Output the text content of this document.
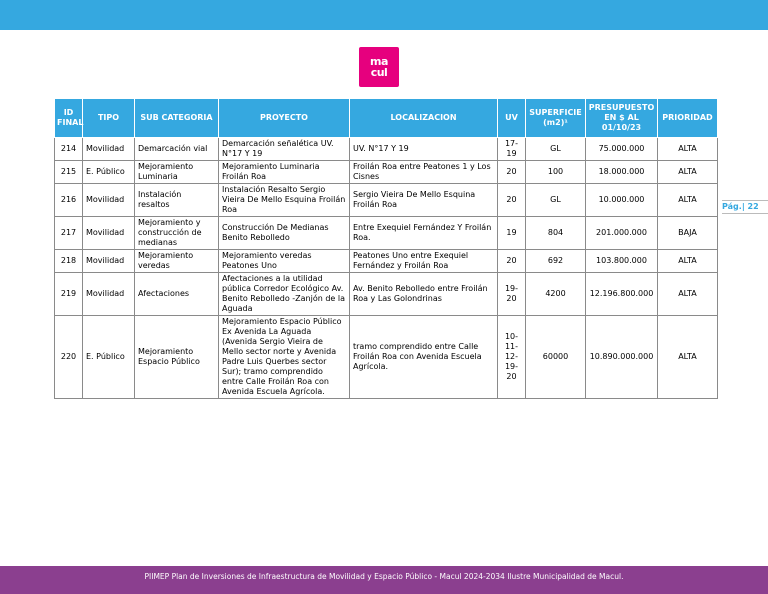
ma
cul
ID FINAL	TIPO	SUB CATEGORIA	PROYECTO	LOCALIZACION	UV	SUPERFICIE (m2)¹	PRESUPUESTO EN $ AL 01/10/23	PRIORIDAD
214	Movilidad	Demarcación vial	Demarcación señalética UV. N°17 Y 19	UV. N°17 Y 19	17- 19	GL	75.000.000	ALTA
215	E. Público	Mejoramiento Luminaria	Mejoramiento Luminaria Froilán Roa	Froilán Roa entre Peatones 1 y Los Cisnes	20	100	18.000.000	ALTA
216	Movilidad	Instalación resaltos	Instalación Resalto Sergio Vieira De Mello Esquina Froilán Roa	Sergio Vieira De Mello Esquina Froilán Roa	20	GL	10.000.000	ALTA
217	Movilidad	Mejoramiento y construcción de medianas	Construcción De Medianas Benito Rebolledo	Entre Exequiel Fernández Y Froilán Roa.	19	804	201.000.000	BAJA
218	Movilidad	Mejoramiento veredas	Mejoramiento veredas Peatones Uno	Peatones Uno entre Exequiel Fernández y Froilán Roa	20	692	103.800.000	ALTA
219	Movilidad	Afectaciones	Afectaciones a la utilidad pública Corredor Ecológico Av. Benito Rebolledo -Zanjón de la Aguada	Av. Benito Rebolledo entre Froilán Roa y Las Golondrinas	19- 20	4200	12.196.800.000	ALTA
220	E. Público	Mejoramiento Espacio Público	Mejoramiento Espacio Público Ex Avenida La Aguada (Avenida Sergio Vieira de Mello sector norte y Avenida Padre Luis Querbes sector Sur); tramo comprendido entre Calle Froilán Roa con Avenida Escuela Agrícola.	tramo comprendido entre Calle Froilán Roa con Avenida Escuela Agrícola.	10- 11- 12- 19- 20	60000	10.890.000.000	ALTA
Pág.| 22
PIIMEP Plan de Inversiones de Infraestructura de Movilidad y Espacio Público - Macul 2024-2034 Ilustre Municipalidad de Macul.
